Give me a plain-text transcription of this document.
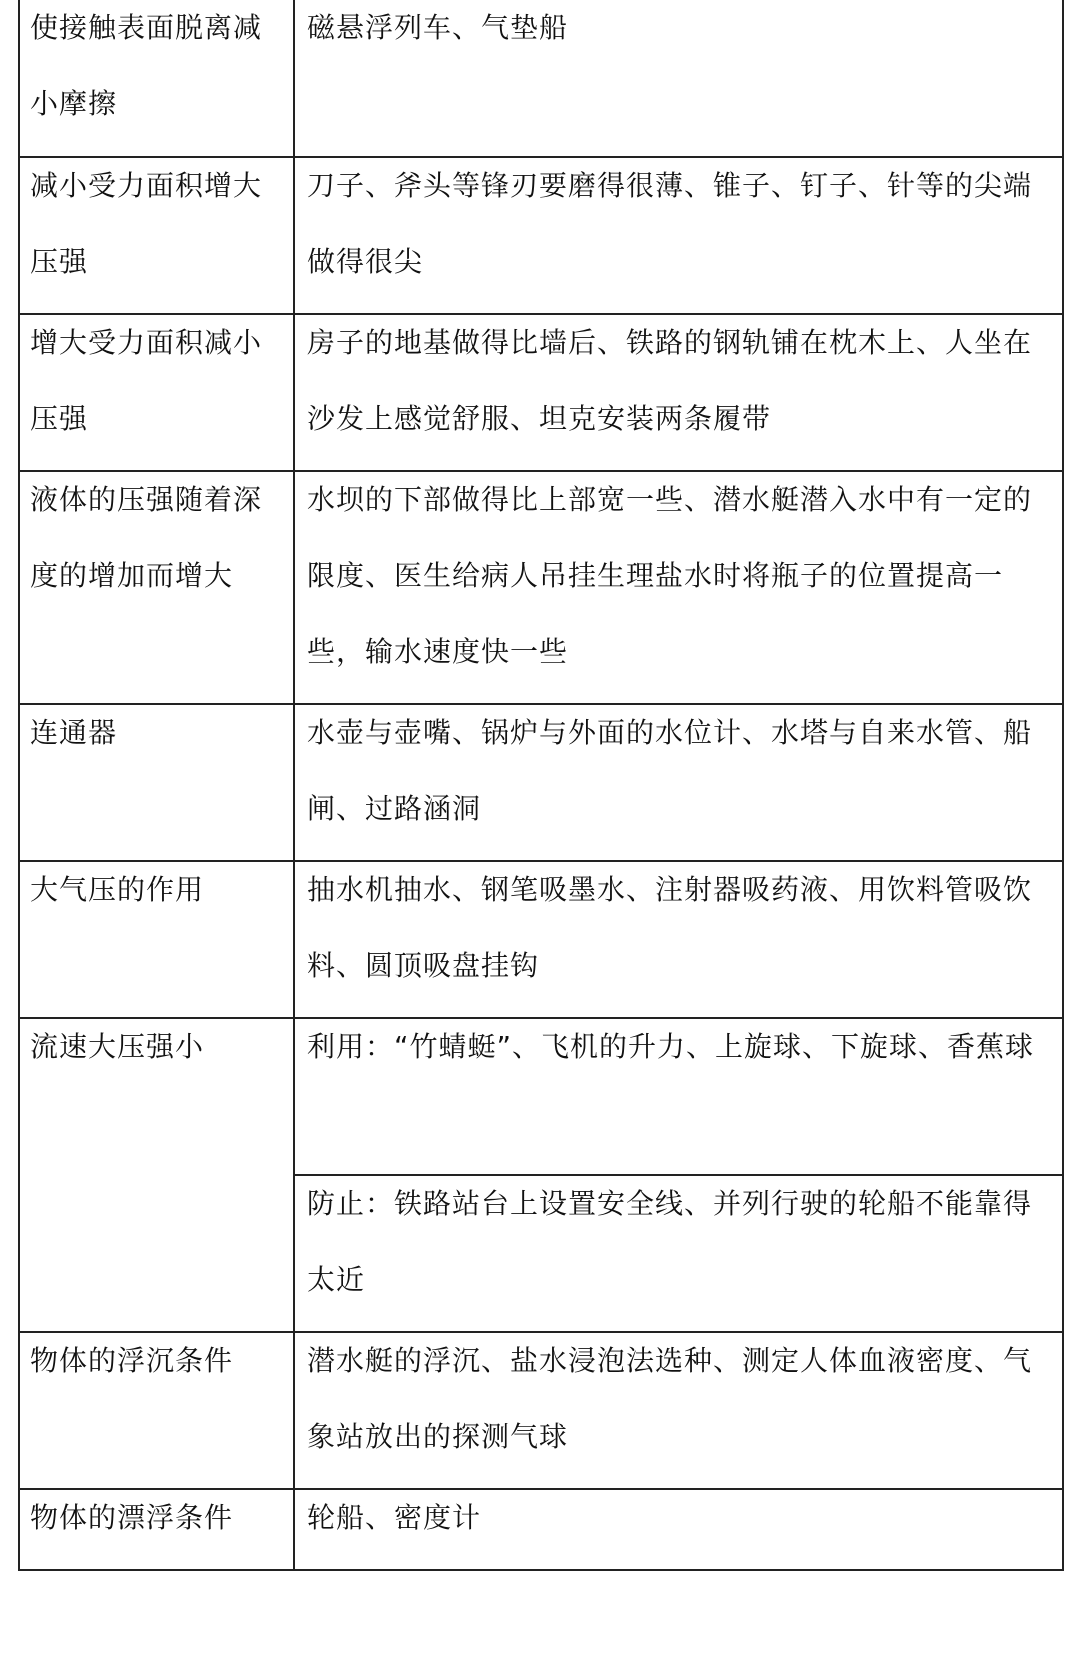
使接触表面脱离减小摩擦	磁悬浮列车、气垫船

减小受力面积增大压强	刀子、斧头等锋刃要磨得很薄、锥子、钉子、针等的尖端做得很尖

增大受力面积减小压强	房子的地基做得比墙后、铁路的钢轨铺在枕木上、人坐在沙发上感觉舒服、坦克安装两条履带

液体的压强随着深度的增加而增大	水坝的下部做得比上部宽一些、潜水艇潜入水中有一定的限度、医生给病人吊挂生理盐水时将瓶子的位置提高一些，输水速度快一些

连通器	水壶与壶嘴、锅炉与外面的水位计、水塔与自来水管、船闸、过路涵洞

大气压的作用	抽水机抽水、钢笔吸墨水、注射器吸药液、用饮料管吸饮料、圆顶吸盘挂钩

流速大压强小	利用：“竹蜻蜓”、飞机的升力、上旋球、下旋球、香蕉球

	防止：铁路站台上设置安全线、并列行驶的轮船不能靠得太近

物体的浮沉条件	潜水艇的浮沉、盐水浸泡法选种、测定人体血液密度、气象站放出的探测气球

物体的漂浮条件	轮船、密度计
